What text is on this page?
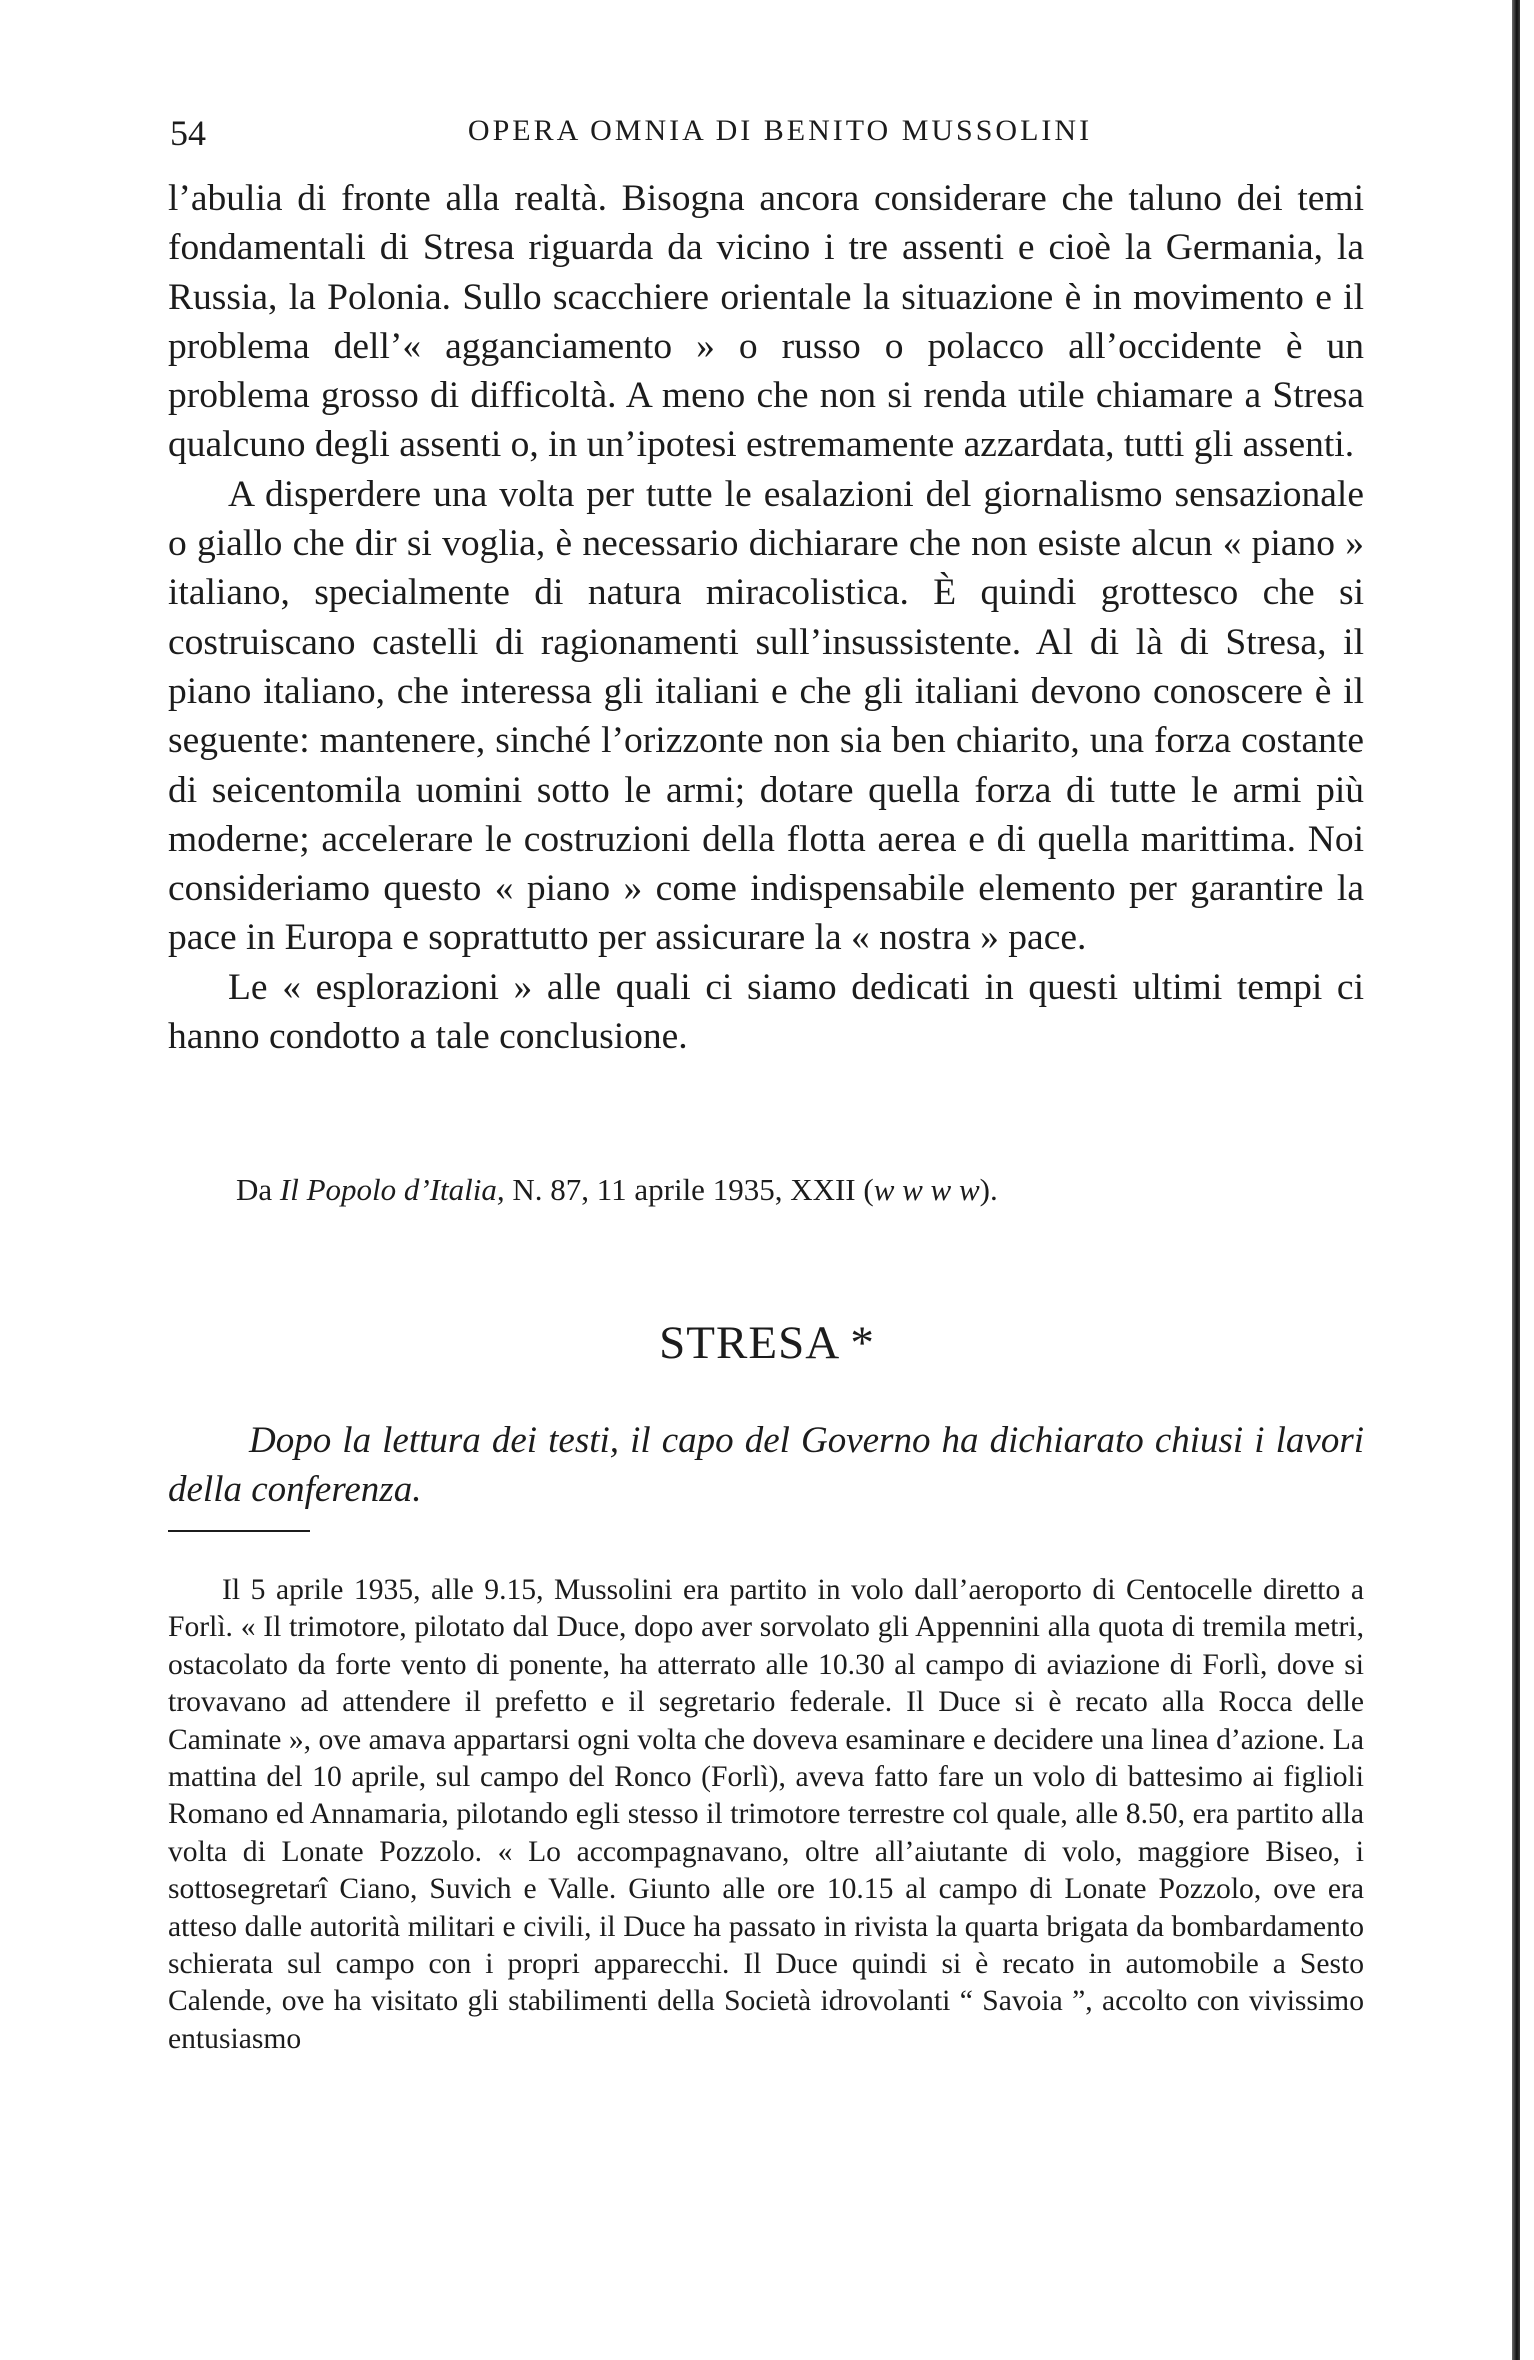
54	OPERA OMNIA DI BENITO MUSSOLINI

l’abulia di fronte alla realtà. Bisogna ancora considerare che taluno dei temi fondamentali di Stresa riguarda da vicino i tre assenti e cioè la Germania, la Russia, la Polonia. Sullo scacchiere orientale la situazione è in movimento e il problema dell’« agganciamento » o russo o polacco all’occidente è un problema grosso di difficoltà. A meno che non si renda utile chiamare a Stresa qualcuno degli assenti o, in un’ipotesi estremamente azzardata, tutti gli assenti.

A disperdere una volta per tutte le esalazioni del giornalismo sensazionale o giallo che dir si voglia, è necessario dichiarare che non esiste alcun « piano » italiano, specialmente di natura miracolistica. È quindi grottesco che si costruiscano castelli di ragionamenti sull’insussistente. Al di là di Stresa, il piano italiano, che interessa gli italiani e che gli italiani devono conoscere è il seguente: mantenere, sinché l’orizzonte non sia ben chiarito, una forza costante di seicentomila uomini sotto le armi; dotare quella forza di tutte le armi più moderne; accelerare le costruzioni della flotta aerea e di quella marittima. Noi consideriamo questo « piano » come indispensabile elemento per garantire la pace in Europa e soprattutto per assicurare la « nostra » pace.

Le « esplorazioni » alle quali ci siamo dedicati in questi ultimi tempi ci hanno condotto a tale conclusione.

Da Il Popolo d’Italia, N. 87, 11 aprile 1935, XXII (w w w w).
STRESA *

Dopo la lettura dei testi, il capo del Governo ha dichiarato chiusi i lavori della conferenza.

Il 5 aprile 1935, alle 9.15, Mussolini era partito in volo dall’aeroporto di Centocelle diretto a Forlì. « Il trimotore, pilotato dal Duce, dopo aver sorvolato gli Appennini alla quota di tremila metri, ostacolato da forte vento di ponente, ha atterrato alle 10.30 al campo di aviazione di Forlì, dove si trovavano ad attendere il prefetto e il segretario federale. Il Duce si è recato alla Rocca delle Caminate », ove amava appartarsi ogni volta che doveva esaminare e decidere una linea d’azione. La mattina del 10 aprile, sul campo del Ronco (Forlì), aveva fatto fare un volo di battesimo ai figlioli Romano ed Annamaria, pilotando egli stesso il trimotore terrestre col quale, alle 8.50, era partito alla volta di Lonate Pozzolo. « Lo accompagnavano, oltre all’aiutante di volo, maggiore Biseo, i sottosegretarî Ciano, Suvich e Valle. Giunto alle ore 10.15 al campo di Lonate Pozzolo, ove era atteso dalle autorità militari e civili, il Duce ha passato in rivista la quarta brigata da bombardamento schierata sul campo con i propri apparecchi. Il Duce quindi si è recato in automobile a Sesto Calende, ove ha visitato gli stabilimenti della Società idrovolanti “ Savoia ”, accolto con vivissimo entusiasmo
